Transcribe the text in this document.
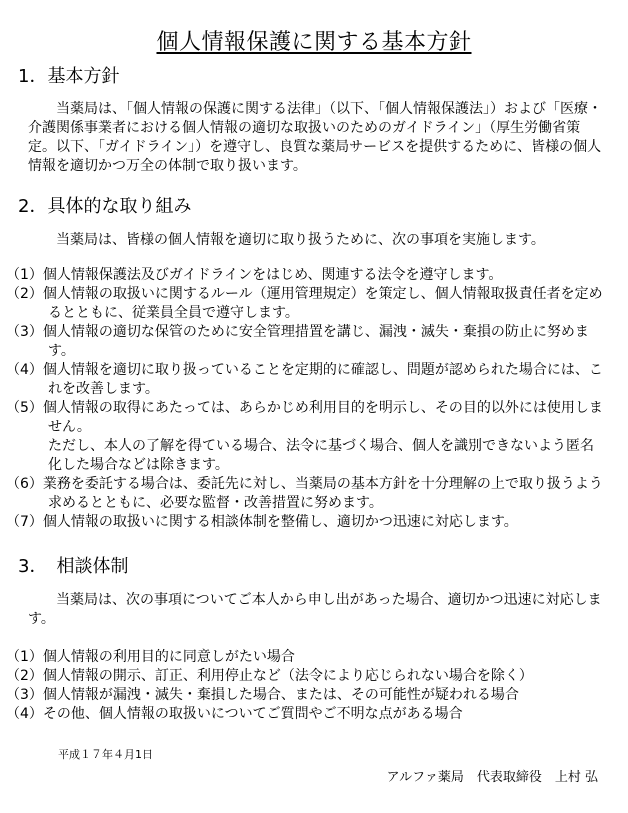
個人情報保護に関する基本方針
1．基本方針
当薬局は、「個人情報の保護に関する法律」（以下、「個人情報保護法」）および「医療・介護関係事業者における個人情報の適切な取扱いのためのガイドライン」（厚生労働省策定。以下、「ガイドライン」）を遵守し、良質な薬局サービスを提供するために、皆様の個人情報を適切かつ万全の体制で取り扱います。
2．具体的な取り組み
当薬局は、皆様の個人情報を適切に取り扱うために、次の事項を実施します。
（1）個人情報保護法及びガイドラインをはじめ、関連する法令を遵守します。
（2）個人情報の取扱いに関するルール（運用管理規定）を策定し、個人情報取扱責任者を定めるとともに、従業員全員で遵守します。
（3）個人情報の適切な保管のために安全管理措置を講じ、漏洩・滅失・棄損の防止に努めます。
（4）個人情報を適切に取り扱っていることを定期的に確認し、問題が認められた場合には、これを改善します。
（5）個人情報の取得にあたっては、あらかじめ利用目的を明示し、その目的以外には使用しません。
ただし、本人の了解を得ている場合、法令に基づく場合、個人を識別できないよう匿名化した場合などは除きます。
（6）業務を委託する場合は、委託先に対し、当薬局の基本方針を十分理解の上で取り扱うよう求めるとともに、必要な監督・改善措置に努めます。
（7）個人情報の取扱いに関する相談体制を整備し、適切かつ迅速に対応します。
3．　相談体制
当薬局は、次の事項についてご本人から申し出があった場合、適切かつ迅速に対応します。
（1）個人情報の利用目的に同意しがたい場合
（2）個人情報の開示、訂正、利用停止など（法令により応じられない場合を除く）
（3）個人情報が漏洩・滅失・棄損した場合、または、その可能性が疑われる場合
（4）その他、個人情報の取扱いについてご質問やご不明な点がある場合
平成１７年４月1日
アルファ薬局　代表取締役　上村 弘
